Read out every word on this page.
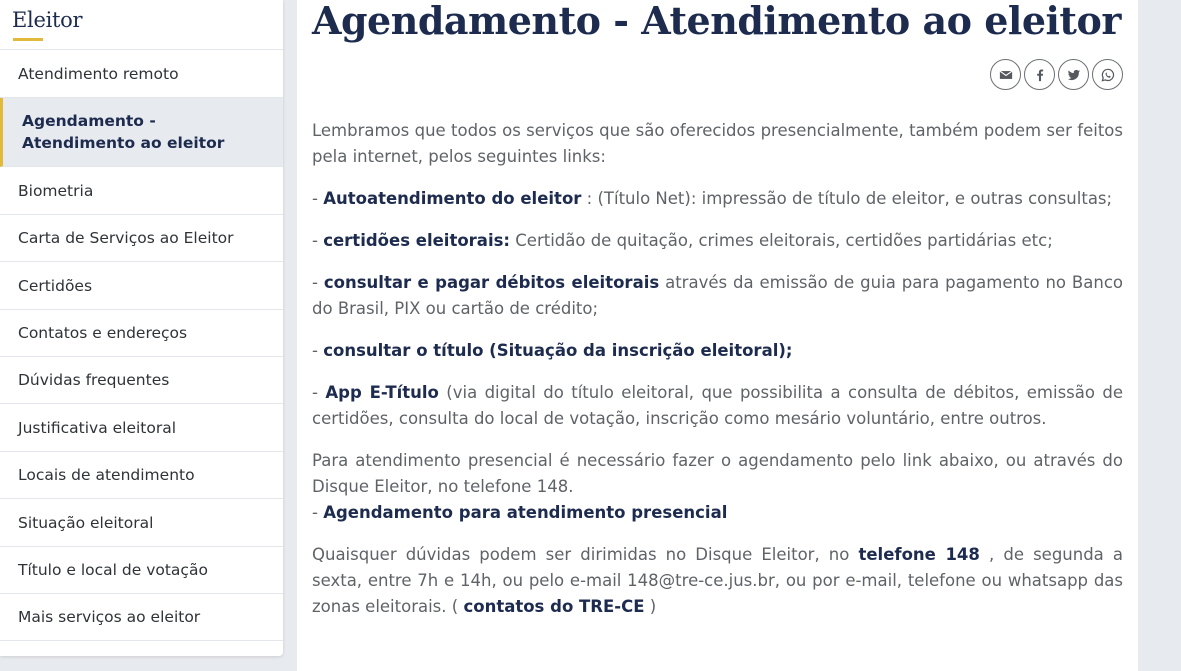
Eleitor
Atendimento remoto
Agendamento - Atendimento ao eleitor
Biometria
Carta de Serviços ao Eleitor
Certidões
Contatos e endereços
Dúvidas frequentes
Justificativa eleitoral
Locais de atendimento
Situação eleitoral
Título e local de votação
Mais serviços ao eleitor
Agendamento - Atendimento ao eleitor

Lembramos que todos os serviços que são oferecidos presencialmente, também podem ser feitos pela internet, pelos seguintes links:

- Autoatendimento do eleitor : (Título Net): impressão de título de eleitor, e outras consultas;

- certidões eleitorais: Certidão de quitação, crimes eleitorais, certidões partidárias etc;

- consultar e pagar débitos eleitorais através da emissão de guia para pagamento no Banco do Brasil, PIX ou cartão de crédito;

- consultar o título (Situação da inscrição eleitoral);

- App E-Título (via digital do título eleitoral, que possibilita a consulta de débitos, emissão de certidões, consulta do local de votação, inscrição como mesário voluntário, entre outros.

Para atendimento presencial é necessário fazer o agendamento pelo link abaixo, ou através do Disque Eleitor, no telefone 148.
- Agendamento para atendimento presencial

Quaisquer dúvidas podem ser dirimidas no Disque Eleitor, no telefone 148 , de segunda a sexta, entre 7h e 14h, ou pelo e-mail 148@tre-ce.jus.br, ou por e-mail, telefone ou whatsapp das zonas eleitorais. ( contatos do TRE-CE )
